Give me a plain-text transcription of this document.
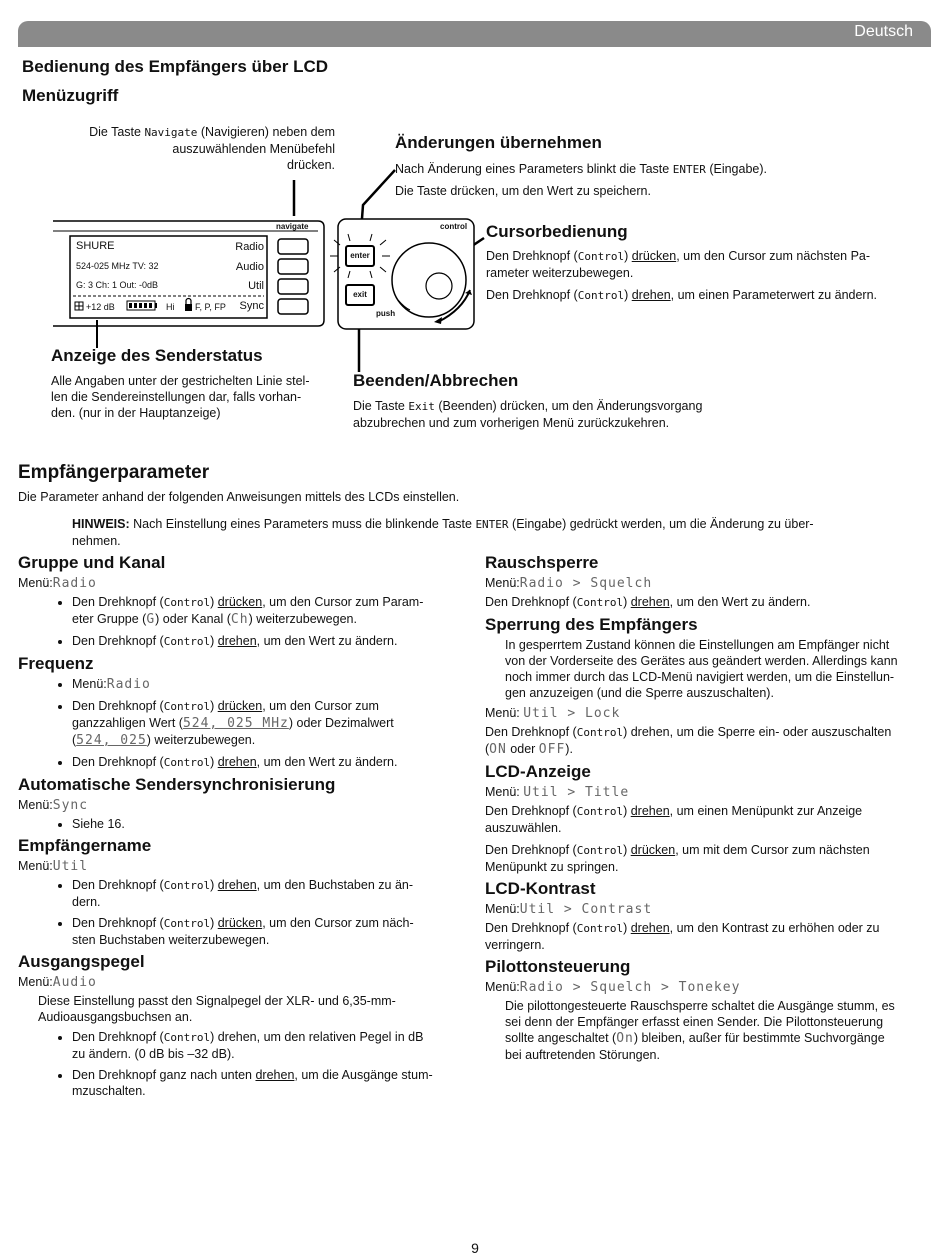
Deutsch
Bedienung des Empfängers über LCD
Menüzugriff
Die Taste Navigate (Navigieren) neben dem
auszuwählenden Menübefehl
drücken.
navigate	control
SHURE
524-025 MHz TV: 32
G: 3 Ch: 1 Out: -0dB
+12 dB	Hi F, P, FP
Radio
Audio
Util
Sync
enter
exit
push
Änderungen übernehmen
Nach Änderung eines Parameters blinkt die Taste ENTER (Eingabe).
Die Taste drücken, um den Wert zu speichern.
Cursorbedienung
Den Drehknopf (Control) drücken, um den Cursor zum nächsten Pa-
rameter weiterzubewegen.
Den Drehknopf (Control) drehen, um einen Parameterwert zu ändern.
Anzeige des Senderstatus
Alle Angaben unter der gestrichelten Linie stel-
len die Sendereinstellungen dar, falls vorhan-
den. (nur in der Hauptanzeige)
Beenden/Abbrechen
Die Taste Exit (Beenden) drücken, um den Änderungsvorgang
abzubrechen und zum vorherigen Menü zurückzukehren.
Empfängerparameter
Die Parameter anhand der folgenden Anweisungen mittels des LCDs einstellen.
HINWEIS: Nach Einstellung eines Parameters muss die blinkende Taste ENTER (Eingabe) gedrückt werden, um die Änderung zu über-
nehmen.
Gruppe und Kanal
Menü:Radio
• Den Drehknopf (Control) drücken, um den Cursor zum Param-
eter Gruppe (G) oder Kanal (Ch) weiterzubewegen.
• Den Drehknopf (Control) drehen, um den Wert zu ändern.
Frequenz
• Menü:Radio
• Den Drehknopf (Control) drücken, um den Cursor zum
ganzzahligen Wert (524, 025 MHz) oder Dezimalwert
(524, 025) weiterzubewegen.
• Den Drehknopf (Control) drehen, um den Wert zu ändern.
Automatische Sendersynchronisierung
Menü:Sync
• Siehe 16.
Empfängername
Menü:Util
• Den Drehknopf (Control) drehen, um den Buchstaben zu än-
dern.
• Den Drehknopf (Control) drücken, um den Cursor zum näch-
sten Buchstaben weiterzubewegen.
Ausgangspegel
Menü:Audio
Diese Einstellung passt den Signalpegel der XLR- und 6,35-mm-
Audioausgangsbuchsen an.
• Den Drehknopf (Control) drehen, um den relativen Pegel in dB
zu ändern. (0 dB bis –32 dB).
• Den Drehknopf ganz nach unten drehen, um die Ausgänge stum-
mzuschalten.
Rauschsperre
Menü:Radio > Squelch
Den Drehknopf (Control) drehen, um den Wert zu ändern.
Sperrung des Empfängers
In gesperrtem Zustand können die Einstellungen am Empfänger nicht
von der Vorderseite des Gerätes aus geändert werden. Allerdings kann
noch immer durch das LCD-Menü navigiert werden, um die Einstellun-
gen anzuzeigen (und die Sperre auszuschalten).
Menü: Util > Lock
Den Drehknopf (Control) drehen, um die Sperre ein- oder auszuschalten
(ON oder OFF).
LCD-Anzeige
Menü: Util > Title
Den Drehknopf (Control) drehen, um einen Menüpunkt zur Anzeige
auszuwählen.
Den Drehknopf (Control) drücken, um mit dem Cursor zum nächsten
Menüpunkt zu springen.
LCD-Kontrast
Menü:Util > Contrast
Den Drehknopf (Control) drehen, um den Kontrast zu erhöhen oder zu
verringern.
Pilottonsteuerung
Menü:Radio > Squelch > Tonekey
Die pilottongesteuerte Rauschsperre schaltet die Ausgänge stumm, es
sei denn der Empfänger erfasst einen Sender. Die Pilottonsteuerung
sollte angeschaltet (On) bleiben, außer für bestimmte Suchvorgänge
bei auftretenden Störungen.
9
